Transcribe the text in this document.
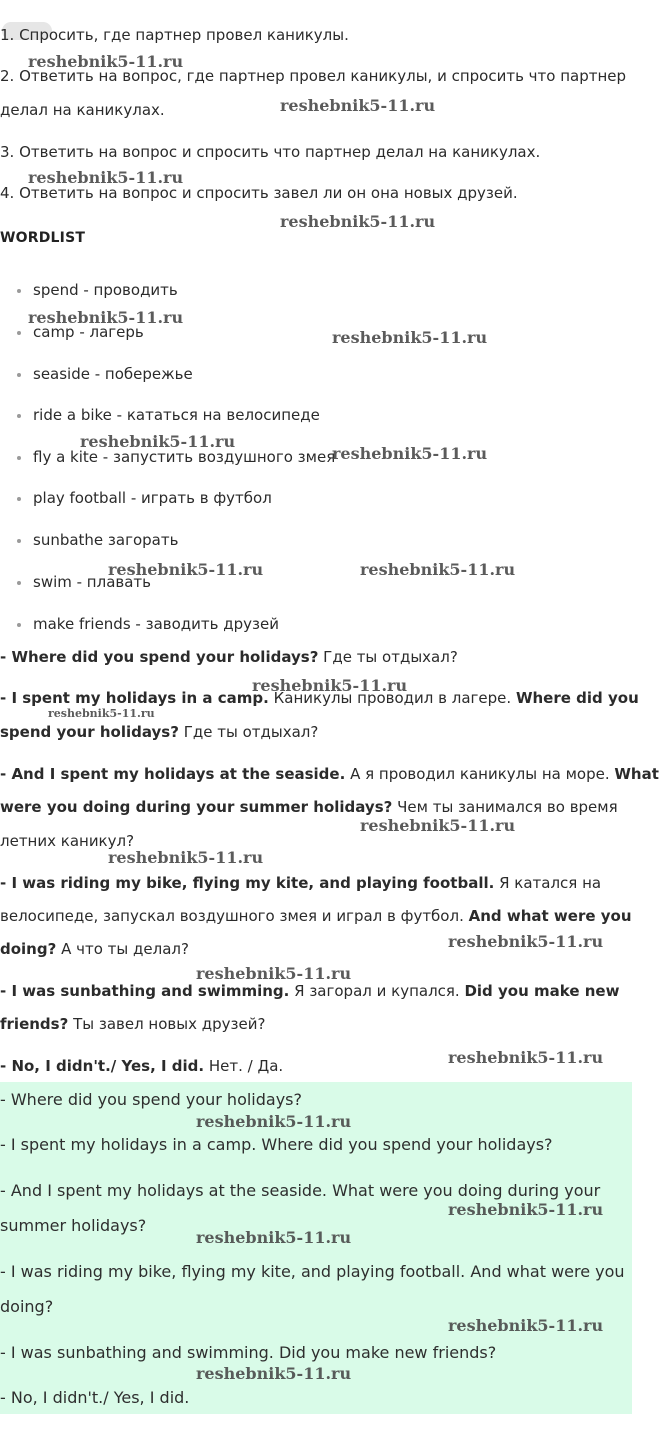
1. Спросить, где партнер провел каникулы.
2. Ответить на вопрос, где партнер провел каникулы, и спросить что партнер
делал на каникулах.
3. Ответить на вопрос и спросить что партнер делал на каникулах.
4. Ответить на вопрос и спросить завел ли он она новых друзей.
WORDLIST
spend - проводить
camp - лагерь
seaside - побережье
ride a bike - кататься на велосипеде
fly a kite - запустить воздушного змея
play football - играть в футбол
sunbathe загорать
swim - плавать
make friends - заводить друзей
- Where did you spend your holidays? Где ты отдыхал?
- I spent my holidays in a camp. Каникулы проводил в лагере. Where did you
spend your holidays? Где ты отдыхал?
- And I spent my holidays at the seaside. А я проводил каникулы на море. What
were you doing during your summer holidays? Чем ты занимался во время
летних каникул?
- I was riding my bike, flying my kite, and playing football. Я катался на
велосипеде, запускал воздушного змея и играл в футбол. And what were you
doing? А что ты делал?
- I was sunbathing and swimming. Я загорал и купался. Did you make new
friends? Ты завел новых друзей?
- No, I didn't./ Yes, I did. Нет. / Да.
- Where did you spend your holidays?
- I spent my holidays in a camp. Where did you spend your holidays?
- And I spent my holidays at the seaside. What were you doing during your
summer holidays?
- I was riding my bike, flying my kite, and playing football. And what were you
doing?
- I was sunbathing and swimming. Did you make new friends?
- No, I didn't./ Yes, I did.
reshebnik5-11.ru
reshebnik5-11.ru
reshebnik5-11.ru
reshebnik5-11.ru
reshebnik5-11.ru
reshebnik5-11.ru
reshebnik5-11.ru
reshebnik5-11.ru
reshebnik5-11.ru	reshebnik5-11.ru
reshebnik5-11.ru
reshebnik5-11.ru
reshebnik5-11.ru
reshebnik5-11.ru
reshebnik5-11.ru
reshebnik5-11.ru
reshebnik5-11.ru
reshebnik5-11.ru
reshebnik5-11.ru
reshebnik5-11.ru
reshebnik5-11.ru
reshebnik5-11.ru
